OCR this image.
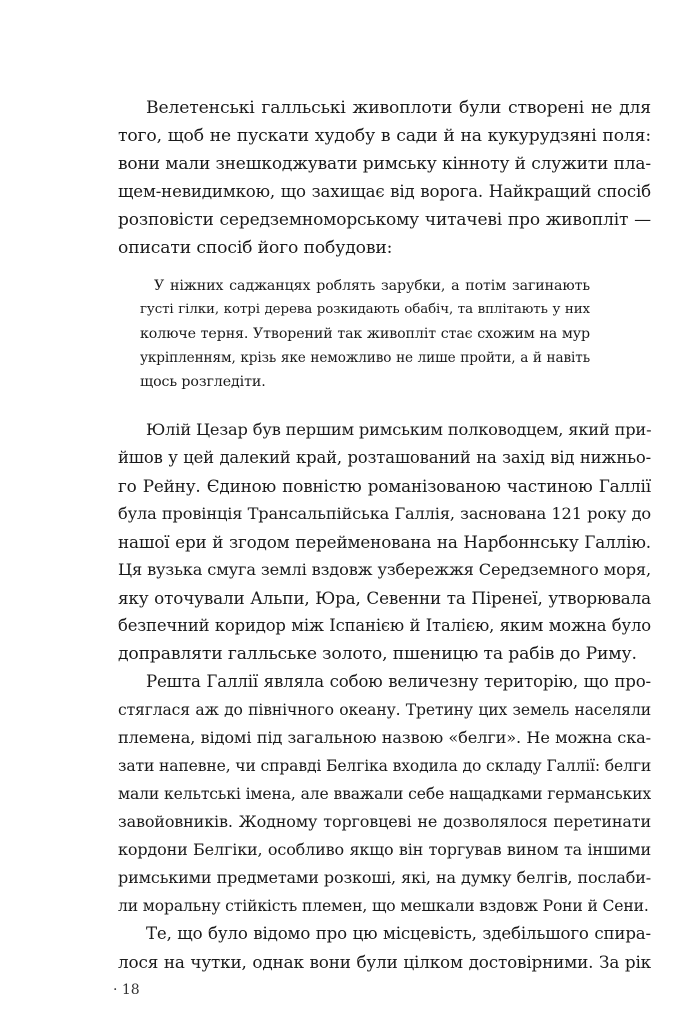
Велетенські галльські живоплоти були створені не для
того, щоб не пускати худобу в сади й на кукурудзяні поля:
вони мали знешкоджувати римську кінноту й служити пла-
щем-невидимкою, що захищає від ворога. Найкращий спосіб
розповісти середземноморському читачеві про живопліт —
описати спосіб його побудови:
У ніжних саджанцях роблять зарубки, а потім загинають
густі гілки, котрі дерева розкидають обабіч, та вплітають у них
колюче терня. Утворений так живопліт стає схожим на мур
укріпленням, крізь яке неможливо не лише пройти, а й навіть
щось розгледіти.
Юлій Цезар був першим римським полководцем, який при-
йшов у цей далекий край, розташований на захід від нижньо-
го Рейну. Єдиною повністю романізованою частиною Галлії
була провінція Трансальпійська Галлія, заснована 121 року до
нашої ери й згодом перейменована на Нарбоннську Галлію.
Ця вузька смуга землі вздовж узбережжя Середземного моря,
яку оточували Альпи, Юра, Севенни та Піренеї, утворювала
безпечний коридор між Іспанією й Італією, яким можна було
доправляти галльське золото, пшеницю та рабів до Риму.
Решта Галлії являла собою величезну територію, що про-
стяглася аж до північного океану. Третину цих земель населяли
племена, відомі під загальною назвою «белги». Не можна ска-
зати напевне, чи справді Белгіка входила до складу Галлії: белги
мали кельтські імена, але вважали себе нащадками германських
завойовників. Жодному торговцеві не дозволялося перетинати
кордони Белгіки, особливо якщо він торгував вином та іншими
римськими предметами розкоші, які, на думку белгів, послаби-
ли моральну стійкість племен, що мешкали вздовж Рони й Сени.
Те, що було відомо про цю місцевість, здебільшого спира-
лося на чутки, однак вони були цілком достовірними. За рік
· 18
